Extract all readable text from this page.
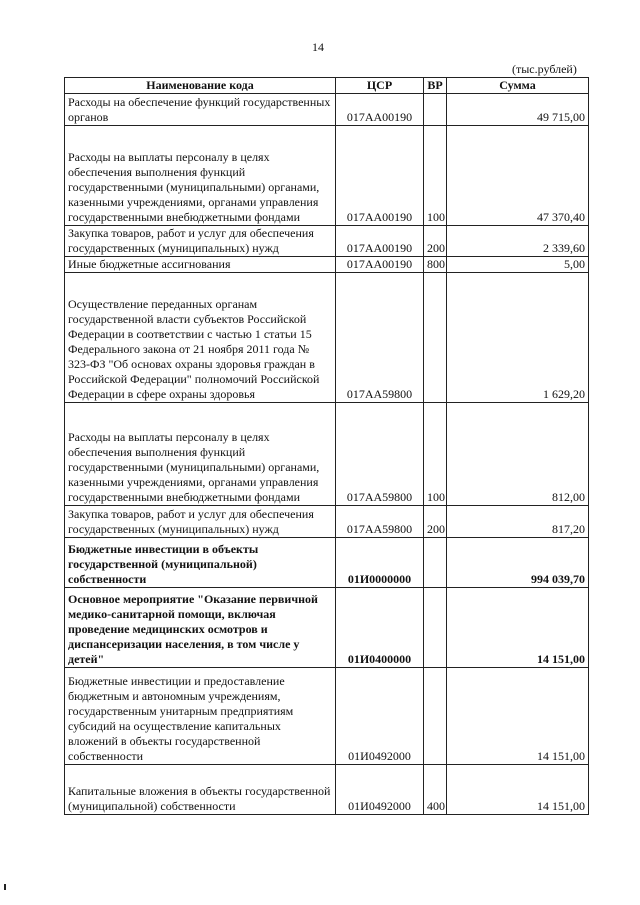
14
(тыс.рублей)
Наименование кода	ЦСР	ВР	Сумма
Расходы на обеспечение функций государственных органов	017АА00190		49 715,00
Расходы на выплаты персоналу в целях обеспечения выполнения функций государственными (муниципальными) органами, казенными учреждениями, органами управления государственными внебюджетными фондами	017АА00190	100	47 370,40
Закупка товаров, работ и услуг для обеспечения государственных (муниципальных) нужд	017АА00190	200	2 339,60
Иные бюджетные ассигнования	017АА00190	800	5,00
Осуществление переданных органам государственной власти субъектов Российской Федерации в соответствии с частью 1 статьи 15 Федерального закона от 21 ноября 2011 года № 323-ФЗ "Об основах охраны здоровья граждан в Российской Федерации" полномочий Российской Федерации в сфере охраны здоровья	017АА59800		1 629,20
Расходы на выплаты персоналу в целях обеспечения выполнения функций государственными (муниципальными) органами, казенными учреждениями, органами управления государственными внебюджетными фондами	017АА59800	100	812,00
Закупка товаров, работ и услуг для обеспечения государственных (муниципальных) нужд	017АА59800	200	817,20
Бюджетные инвестиции в объекты государственной (муниципальной) собственности	01И0000000		994 039,70
Основное мероприятие "Оказание первичной медико-санитарной помощи, включая проведение медицинских осмотров и диспансеризации населения, в том числе у детей"	01И0400000		14 151,00
Бюджетные инвестиции и предоставление бюджетным и автономным учреждениям, государственным унитарным предприятиям субсидий на осуществление капитальных вложений в объекты государственной собственности	01И0492000		14 151,00
Капитальные вложения в объекты государственной (муниципальной) собственности	01И0492000	400	14 151,00
